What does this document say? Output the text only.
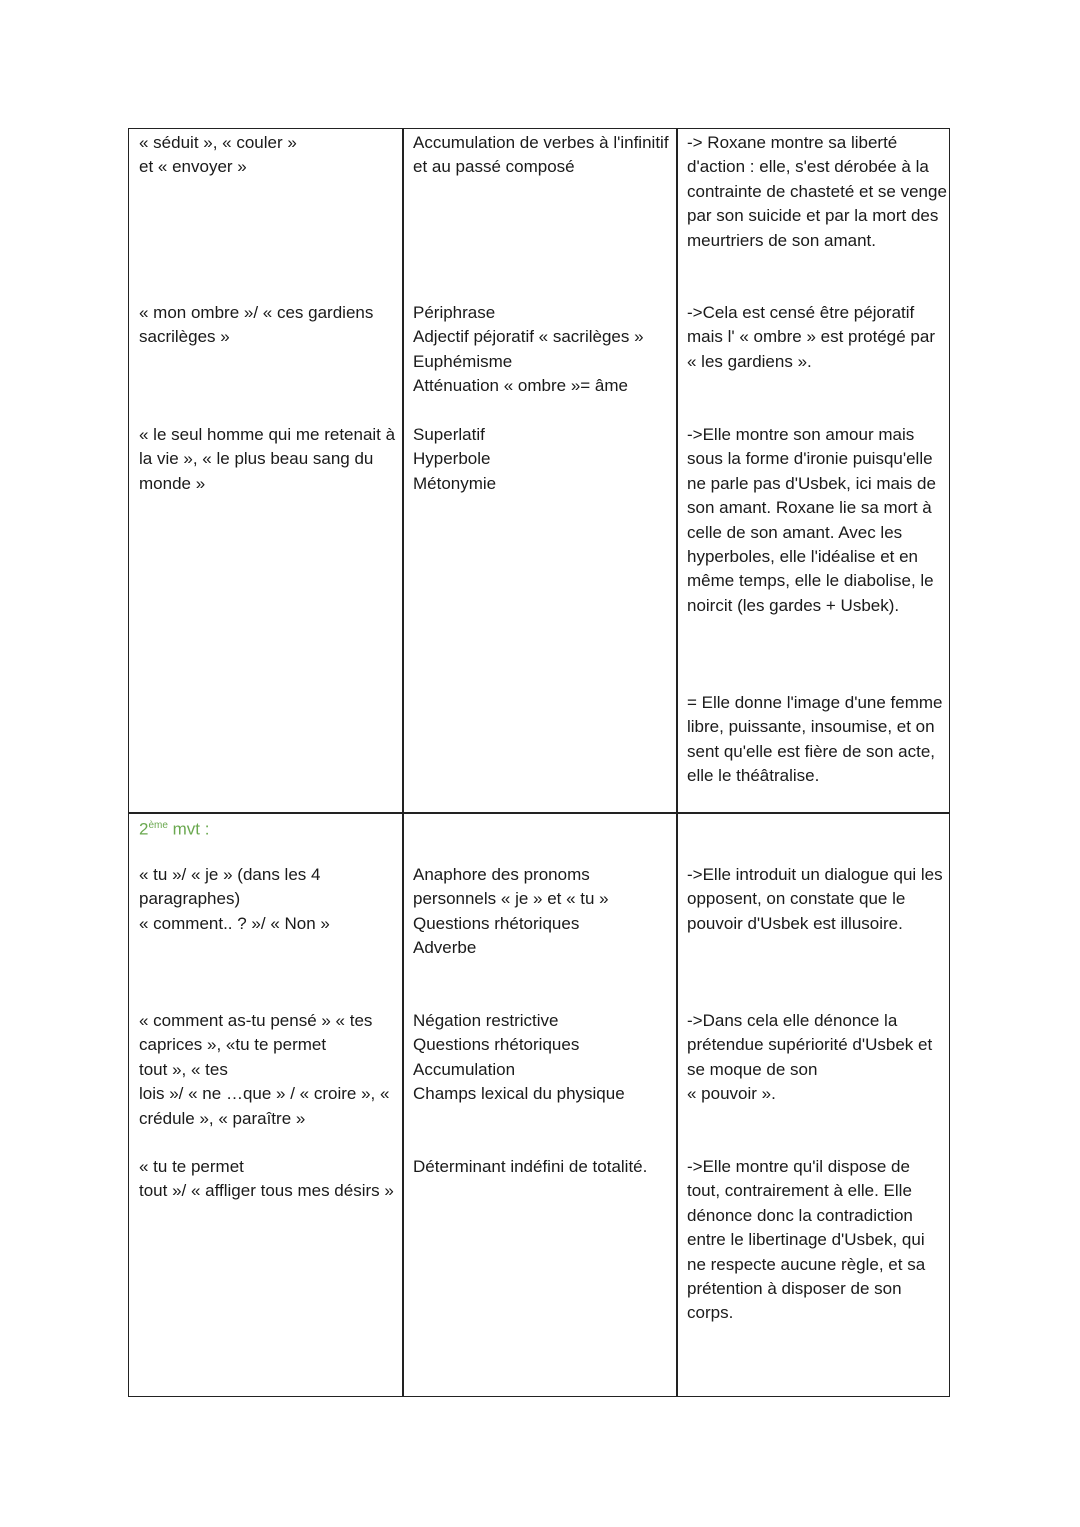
« séduit », « couler »
et « envoyer »
« mon ombre »/ « ces gardiens sacrilèges »
« le seul homme qui me retenait à la vie », « le plus beau sang du monde »
Accumulation de verbes à l'infinitif et au passé composé
Périphrase
Adjectif péjoratif « sacrilèges »
Euphémisme
Atténuation « ombre »= âme
Superlatif
Hyperbole
Métonymie
-> Roxane montre sa liberté d'action : elle, s'est dérobée à la contrainte de chasteté et se venge par son suicide et par la mort des meurtriers de son amant.
->Cela est censé être péjoratif mais l' « ombre » est protégé par « les gardiens ».
->Elle montre son amour mais sous la forme d'ironie puisqu'elle ne parle pas d'Usbek, ici mais de son amant. Roxane lie sa mort à celle de son amant. Avec les hyperboles, elle l'idéalise et en même temps, elle le diabolise, le noircit (les gardes + Usbek).
= Elle donne l'image d'une femme libre, puissante, insoumise, et on sent qu'elle est fière de son acte, elle le théâtralise.
2ème mvt :
« tu »/ « je » (dans les 4 paragraphes)
« comment.. ? »/ « Non »
« comment as-tu pensé » « tes caprices », «tu te permet
tout », « tes
lois »/ « ne …que » / « croire », « crédule », « paraître »
« tu te permet
tout »/ « affliger tous mes désirs »
Anaphore des pronoms personnels « je » et « tu »
Questions rhétoriques
Adverbe
Négation restrictive
Questions rhétoriques
Accumulation
Champs lexical du physique
Déterminant indéfini de totalité.
->Elle introduit un dialogue qui les opposent, on constate que le pouvoir d'Usbek est illusoire.
->Dans cela elle dénonce la prétendue supériorité d'Usbek et se moque de son
« pouvoir ».
->Elle montre qu'il dispose de tout, contrairement à elle. Elle dénonce donc la contradiction entre le libertinage d'Usbek, qui ne respecte aucune règle, et sa prétention à disposer de son corps.
